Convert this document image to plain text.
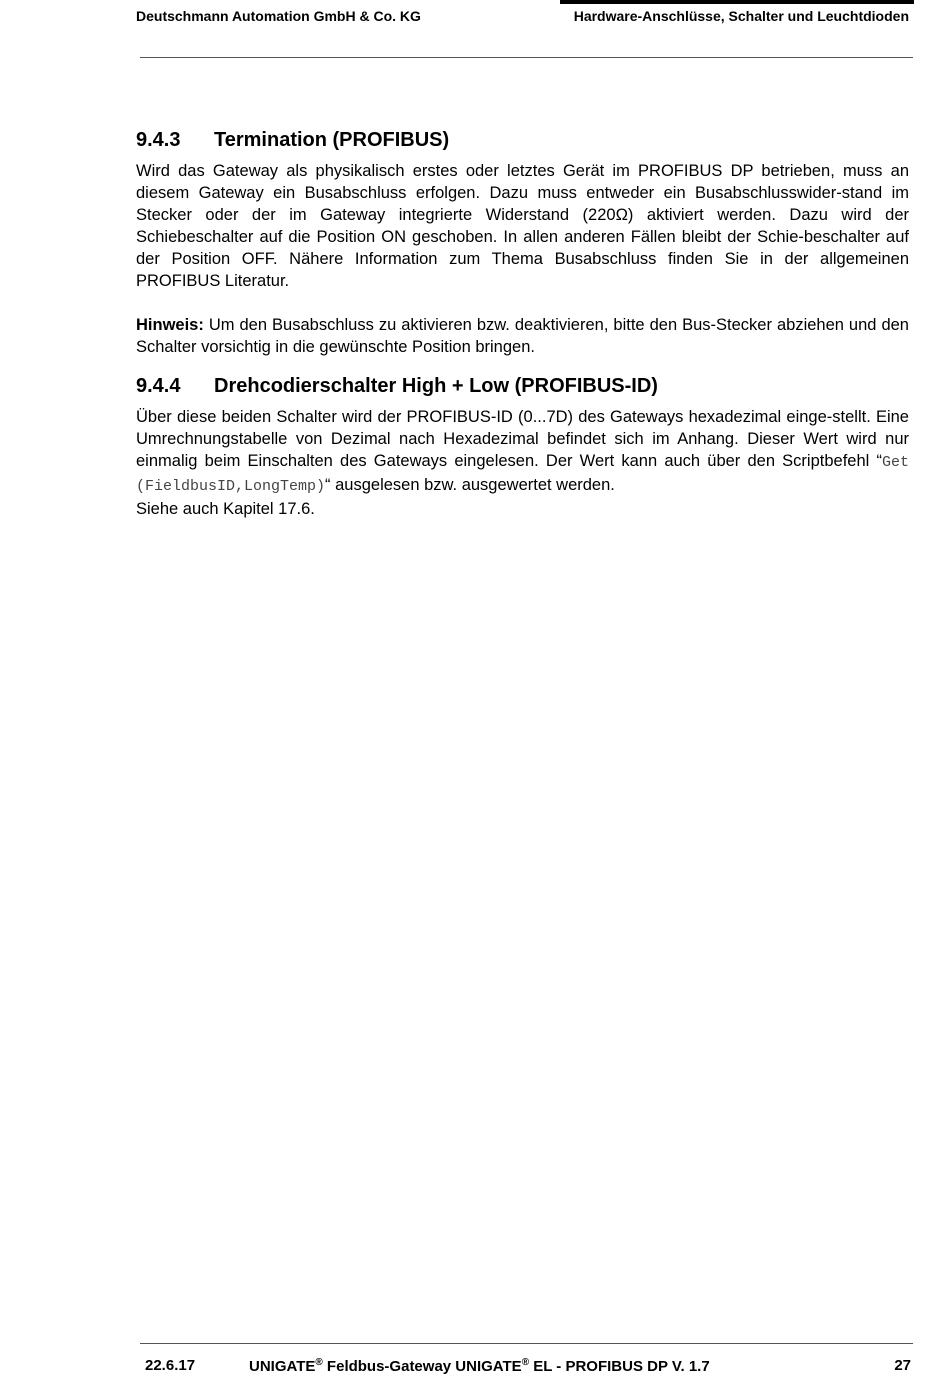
Deutschmann Automation GmbH & Co. KG	Hardware-Anschlüsse, Schalter und Leuchtdioden
9.4.3	Termination (PROFIBUS)

Wird das Gateway als physikalisch erstes oder letztes Gerät im PROFIBUS DP betrieben, muss an diesem Gateway ein Busabschluss erfolgen. Dazu muss entweder ein Busabschlusswider-stand im Stecker oder der im Gateway integrierte Widerstand (220Ω) aktiviert werden. Dazu wird der Schiebeschalter auf die Position ON geschoben. In allen anderen Fällen bleibt der Schie-beschalter auf der Position OFF. Nähere Information zum Thema Busabschluss finden Sie in der allgemeinen PROFIBUS Literatur.

Hinweis: Um den Busabschluss zu aktivieren bzw. deaktivieren, bitte den Bus-Stecker abziehen und den Schalter vorsichtig in die gewünschte Position bringen.

9.4.4	Drehcodierschalter High + Low (PROFIBUS-ID)

Über diese beiden Schalter wird der PROFIBUS-ID (0...7D) des Gateways hexadezimal einge-stellt. Eine Umrechnungstabelle von Dezimal nach Hexadezimal befindet sich im Anhang. Dieser Wert wird nur einmalig beim Einschalten des Gateways eingelesen. Der Wert kann auch über den Scriptbefehl “Get (FieldbusID,LongTemp)“ ausgelesen bzw. ausgewertet werden.

Siehe auch Kapitel 17.6.

22.6.17	UNIGATE® Feldbus-Gateway UNIGATE® EL - PROFIBUS DP V. 1.7	27
